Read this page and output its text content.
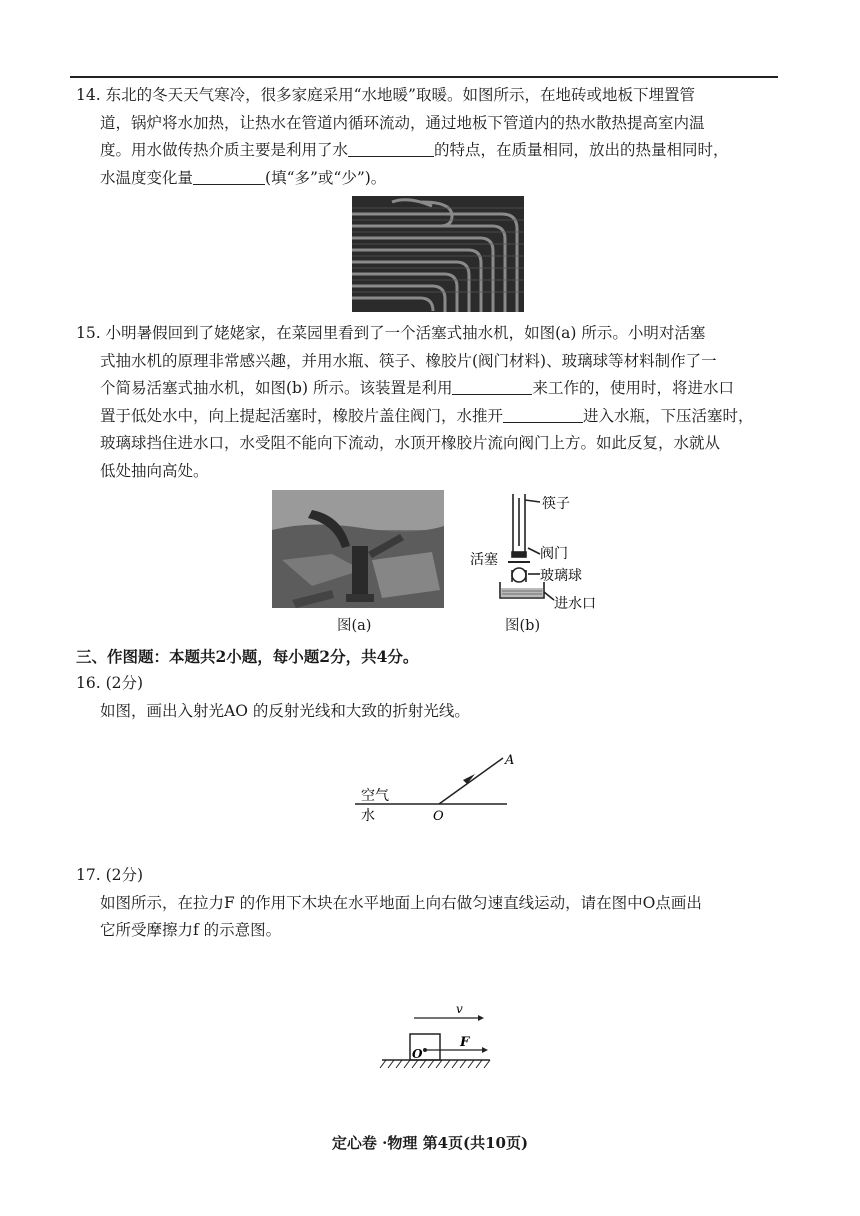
14. 东北的冬天天气寒冷，很多家庭采用“水地暖”取暖。如图所示，在地砖或地板下埋置管
道，锅炉将水加热，让热水在管道内循环流动，通过地板下管道内的热水散热提高室内温
度。用水做传热介质主要是利用了水	的特点，在质量相同，放出的热量相同时，
水温度变化量	(填“多”或“少”)。
15. 小明暑假回到了姥姥家，在菜园里看到了一个活塞式抽水机，如图(a) 所示。小明对活塞
式抽水机的原理非常感兴趣，并用水瓶、筷子、橡胶片(阀门材料)、玻璃球等材料制作了一
个简易活塞式抽水机，如图(b) 所示。该装置是利用	来工作的，使用时，将进水口
置于低处水中，向上提起活塞时，橡胶片盖住阀门，水推开	进入水瓶，下压活塞时，
玻璃球挡住进水口，水受阻不能向下流动，水顶开橡胶片流向阀门上方。如此反复，水就从
低处抽向高处。
筷子
阀门
活塞
玻璃球
进水口
图(a)	图(b)
三、作图题：本题共2小题，每小题2分，共4分。
16. (2分)
如图，画出入射光AO 的反射光线和大致的折射光线。
A
O
空气
水
17. (2分)
如图所示，在拉力F 的作用下木块在水平地面上向右做匀速直线运动，请在图中O点画出
它所受摩擦力f 的示意图。
v
F
O
定心卷 ·物理 第4页(共10页)
